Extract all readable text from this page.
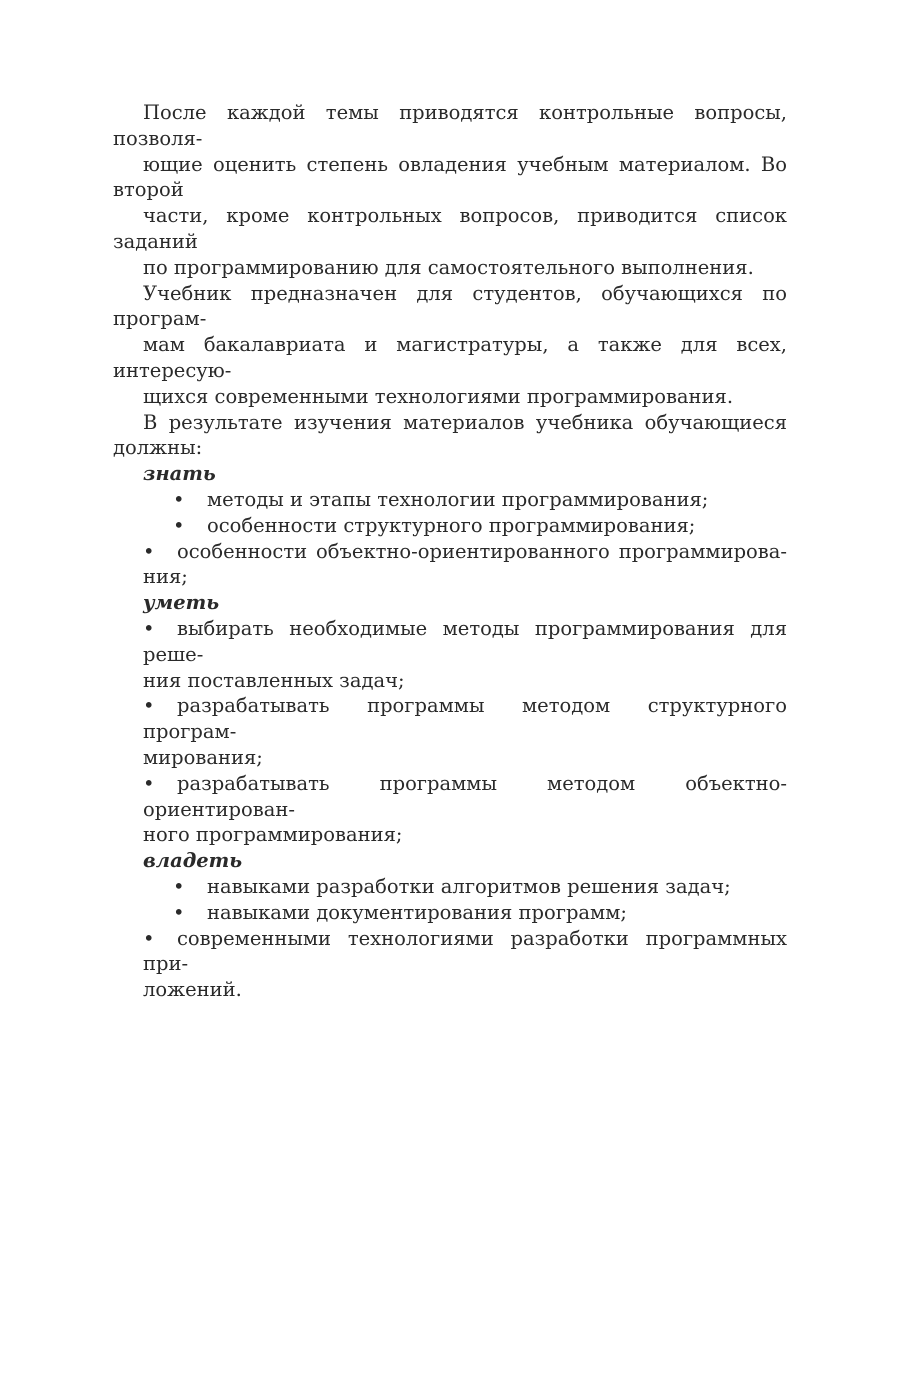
После каждой темы приводятся контрольные вопросы, позволя-
ющие оценить степень овладения учебным материалом. Во второй
части, кроме контрольных вопросов, приводится список заданий
по программированию для самостоятельного выполнения.
Учебник предназначен для студентов, обучающихся по програм-
мам бакалавриата и магистратуры, а также для всех, интересую-
щихся современными технологиями программирования.
В результате изучения материалов учебника обучающиеся должны:
знать
• методы и этапы технологии программирования;
• особенности структурного программирования;
• особенности объектно-ориентированного программирова-
ния;
уметь
• выбирать необходимые методы программирования для реше-
ния поставленных задач;
• разрабатывать программы методом структурного програм-
мирования;
• разрабатывать программы методом объектно-ориентирован-
ного программирования;
владеть
• навыками разработки алгоритмов решения задач;
• навыками документирования программ;
• современными технологиями разработки программных при-
ложений.
